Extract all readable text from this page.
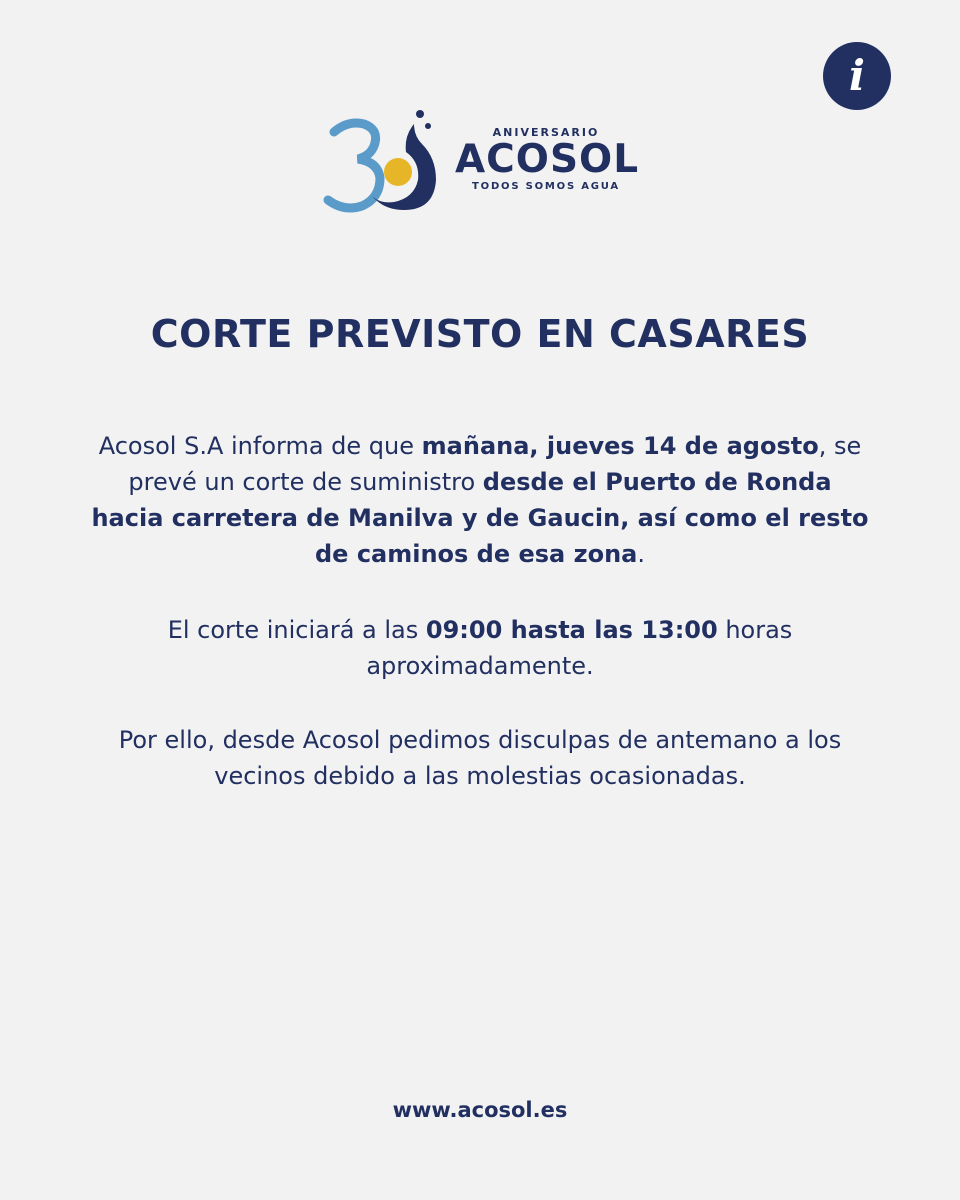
i
ANIVERSARIO
ACOSOL
TODOS SOMOS AGUA
CORTE PREVISTO EN CASARES
Acosol S.A informa de que mañana, jueves 14 de agosto, se prevé un corte de suministro desde el Puerto de Ronda hacia carretera de Manilva y de Gaucin, así como el resto de caminos de esa zona.
El corte iniciará a las 09:00 hasta las 13:00 horas aproximadamente.
Por ello, desde Acosol pedimos disculpas de antemano a los vecinos debido a las molestias ocasionadas.
www.acosol.es
